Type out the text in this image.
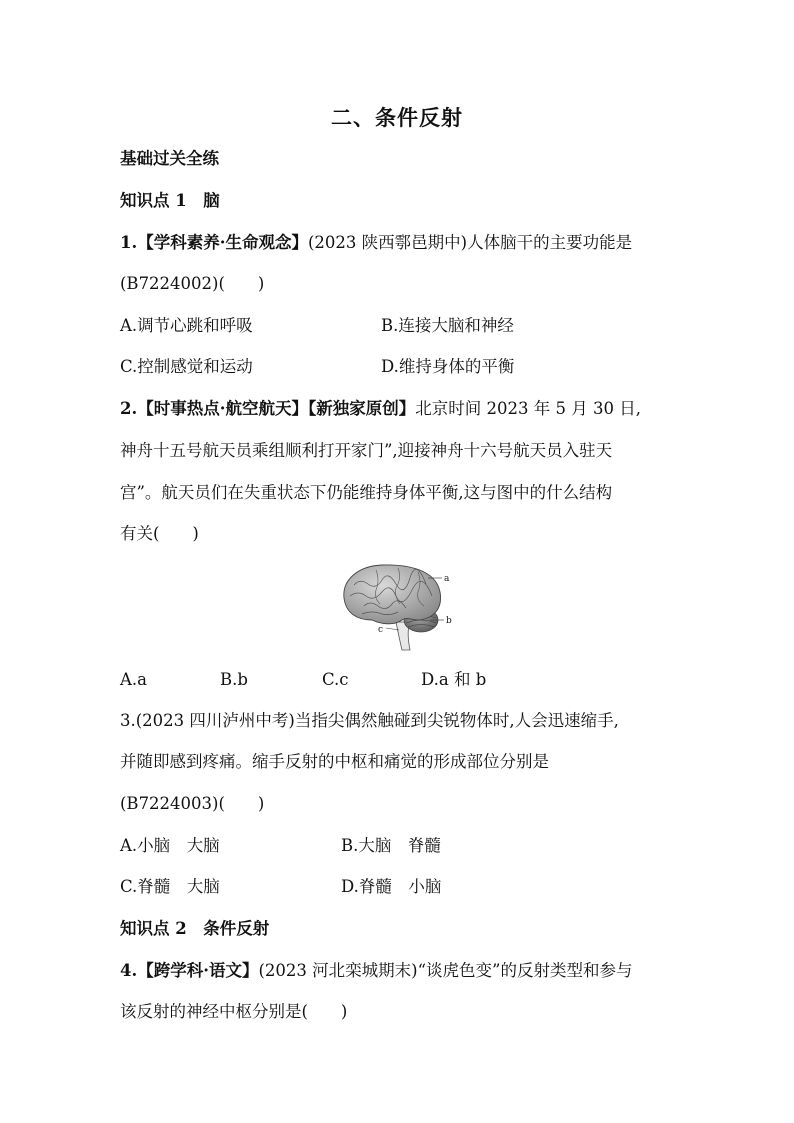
二、条件反射
基础过关全练
知识点 1　脑
1.【学科素养·生命观念】(2023 陕西鄠邑期中)人体脑干的主要功能是
(B7224002)(　　)
A.调节心跳和呼吸	B.连接大脑和神经
C.控制感觉和运动	D.维持身体的平衡
2.【时事热点·航空航天】【新独家原创】北京时间 2023 年 5 月 30 日,
神舟十五号航天员乘组顺利打开家门”,迎接神舟十六号航天员入驻天
宫”。航天员们在失重状态下仍能维持身体平衡,这与图中的什么结构
有关(　　)
a
b
c
A.a	B.b	C.c	D.a 和 b
3.(2023 四川泸州中考)当指尖偶然触碰到尖锐物体时,人会迅速缩手,
并随即感到疼痛。缩手反射的中枢和痛觉的形成部位分别是
(B7224003)(　　)
A.小脑　大脑	B.大脑　脊髓
C.脊髓　大脑	D.脊髓　小脑
知识点 2　条件反射
4.【跨学科·语文】(2023 河北栾城期末)“谈虎色变”的反射类型和参与
该反射的神经中枢分别是(　　)
